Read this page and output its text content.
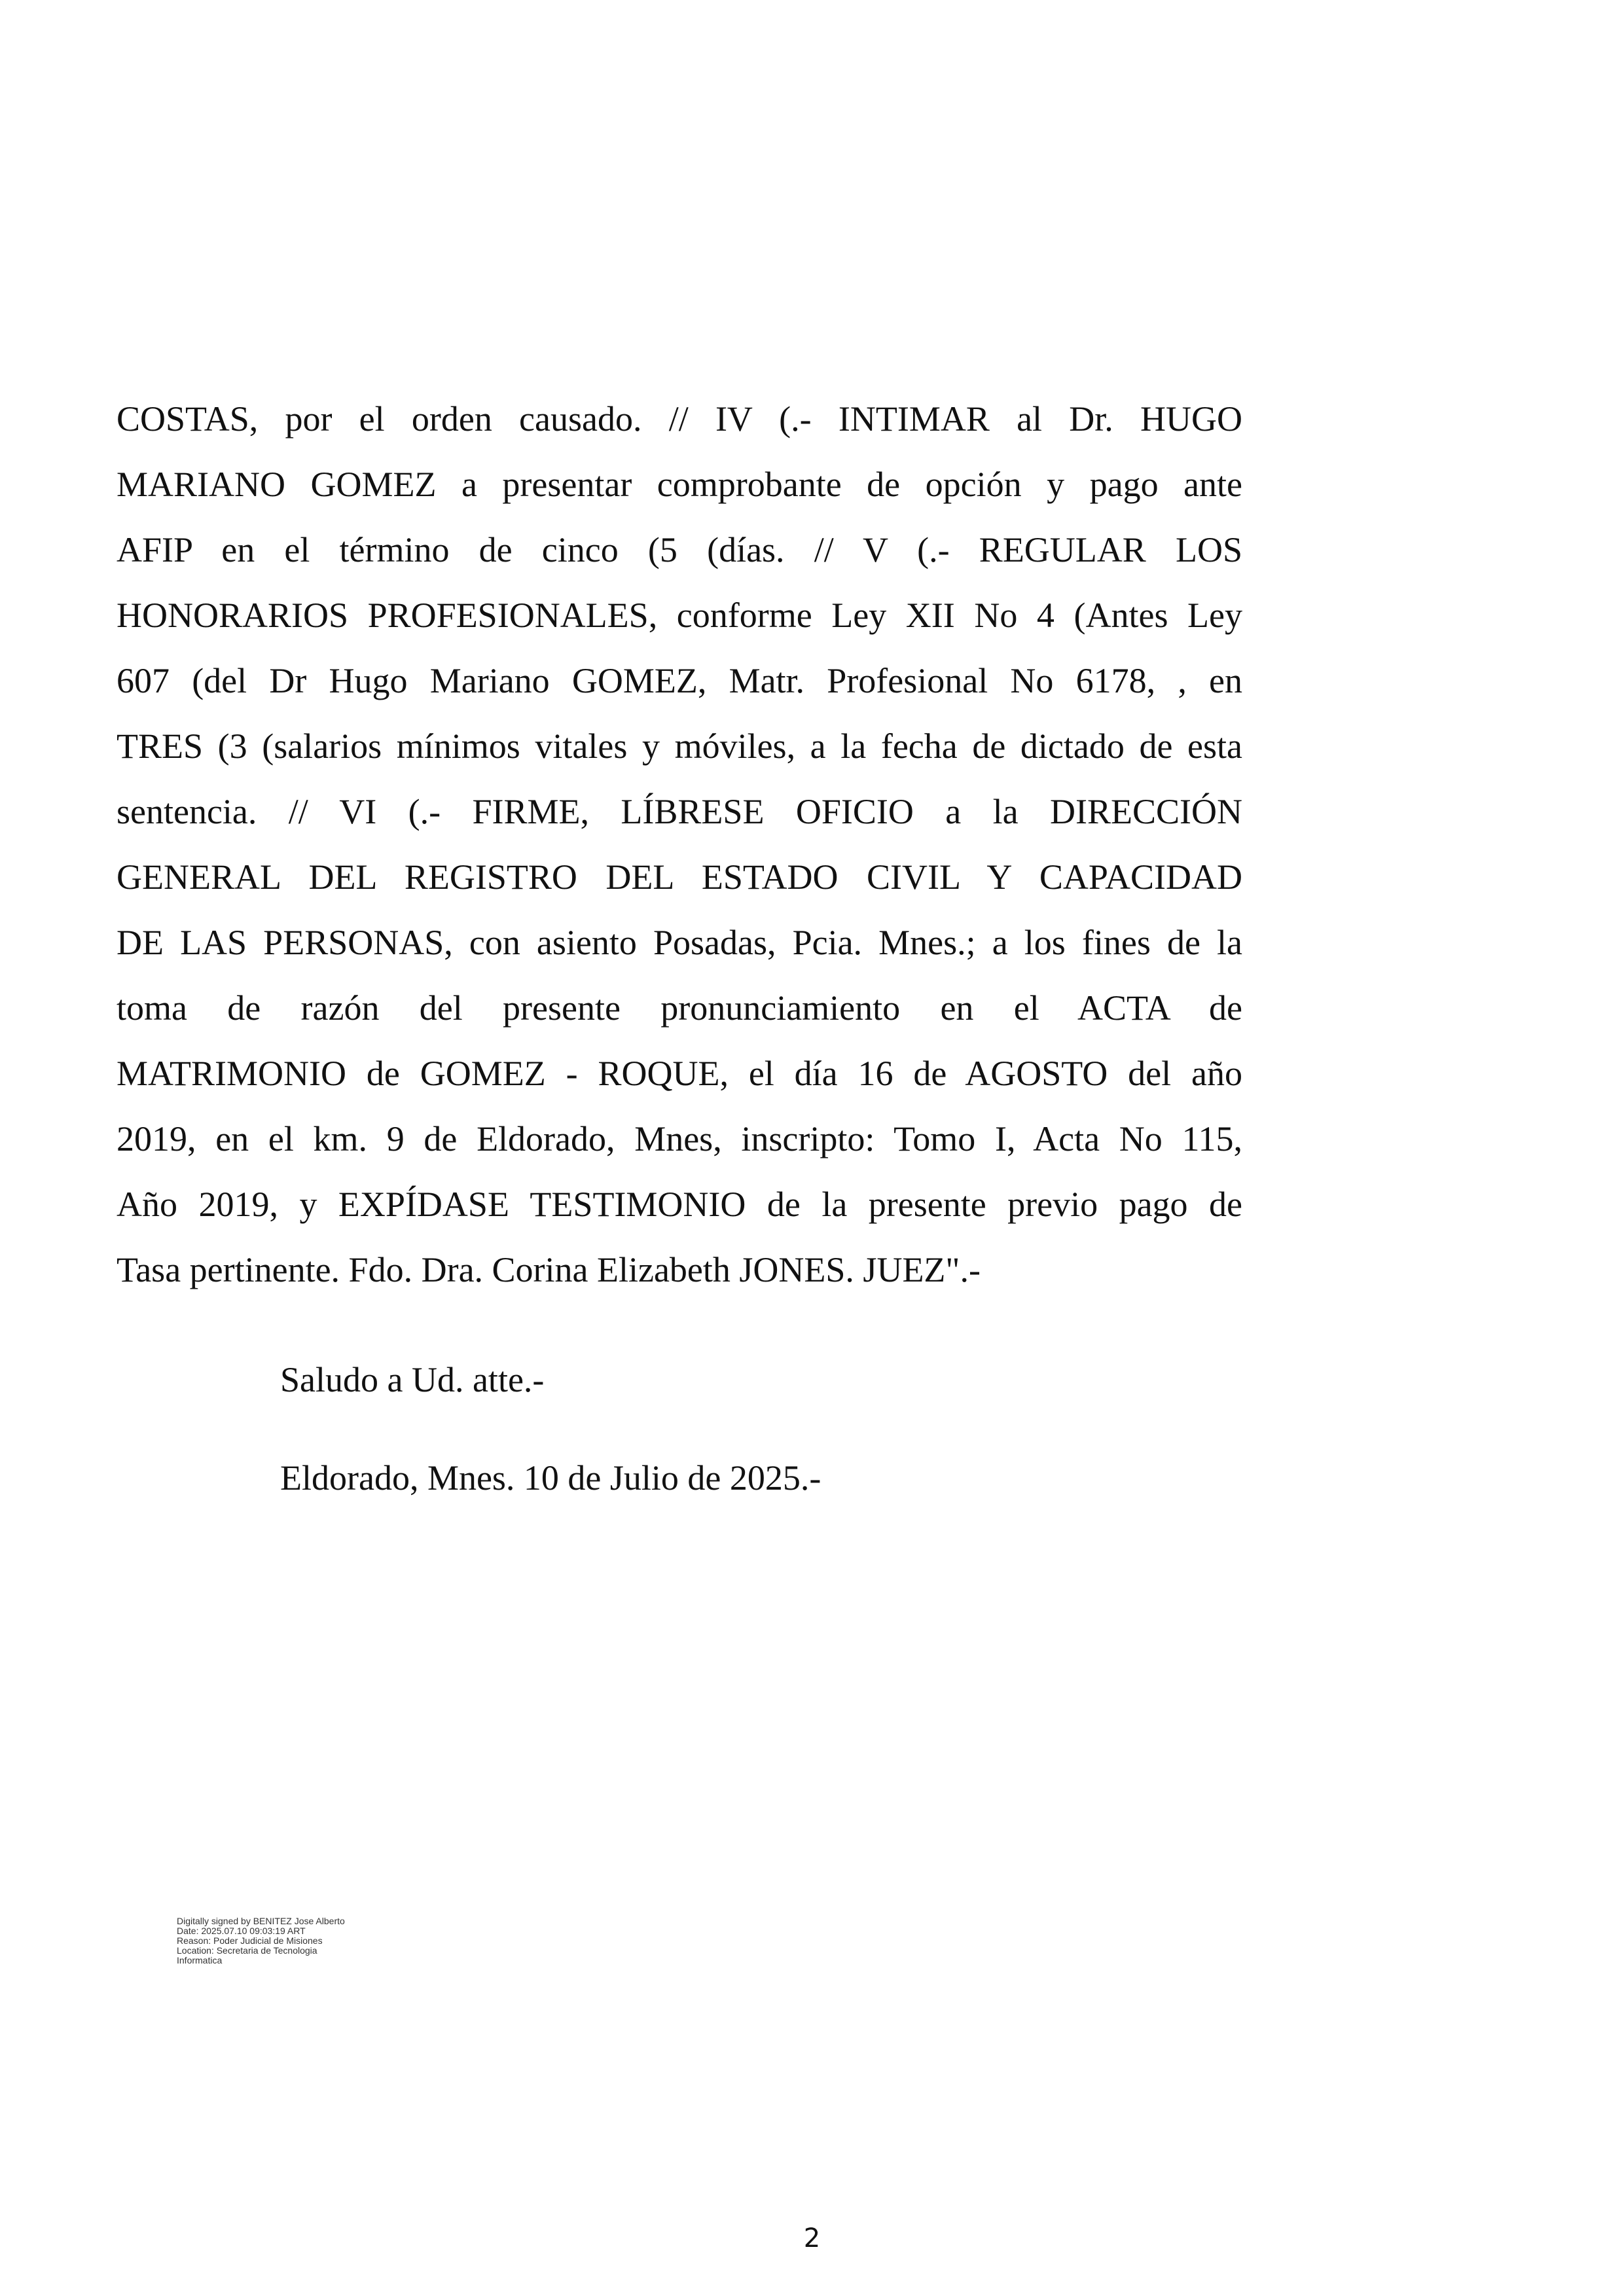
COSTAS, por el orden causado. // IV (.- INTIMAR al Dr. HUGO
MARIANO GOMEZ a presentar comprobante de opción y pago ante
AFIP en el término de cinco (5 (días. // V (.- REGULAR LOS
HONORARIOS PROFESIONALES, conforme Ley XII No 4 (Antes Ley
607 (del Dr Hugo Mariano GOMEZ, Matr. Profesional No 6178, , en
TRES (3 (salarios mínimos vitales y móviles, a la fecha de dictado de esta
sentencia. // VI (.- FIRME, LÍBRESE OFICIO a la DIRECCIÓN
GENERAL DEL REGISTRO DEL ESTADO CIVIL Y CAPACIDAD
DE LAS PERSONAS, con asiento Posadas, Pcia. Mnes.; a los fines de la
toma de razón del presente pronunciamiento en el ACTA de
MATRIMONIO de GOMEZ - ROQUE, el día 16 de AGOSTO del año
2019, en el km. 9 de Eldorado, Mnes, inscripto: Tomo I, Acta No 115,
Año 2019, y EXPÍDASE TESTIMONIO de la presente previo pago de
Tasa pertinente. Fdo. Dra. Corina Elizabeth JONES. JUEZ".-
Saludo a Ud. atte.-
Eldorado, Mnes. 10 de Julio de 2025.-
Digitally signed by BENITEZ Jose Alberto
Date: 2025.07.10 09:03:19 ART
Reason: Poder Judicial de Misiones
Location: Secretaria de Tecnologia
Informatica
2
